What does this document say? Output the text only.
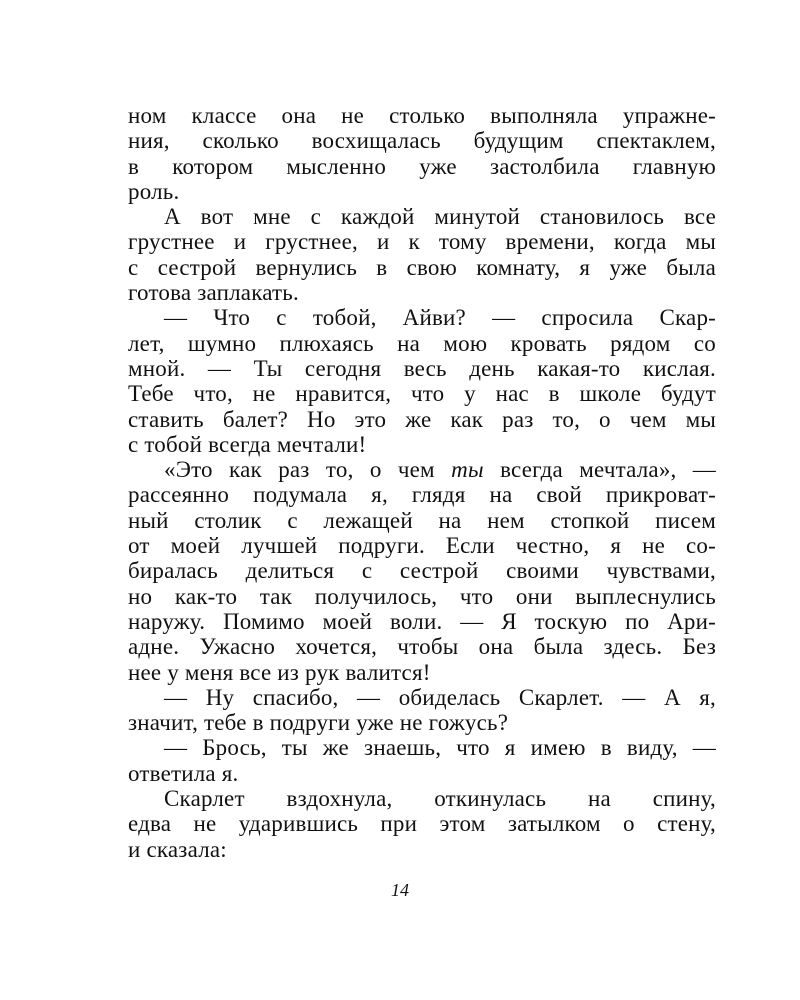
ном классе она не столько выполняла упражне-
ния, сколько восхищалась будущим спектаклем,
в котором мысленно уже застолбила главную
роль.
А вот мне с каждой минутой становилось все
грустнее и грустнее, и к тому времени, когда мы
с сестрой вернулись в свою комнату, я уже была
готова заплакать.
— Что с тобой, Айви? — спросила Скар-
лет, шумно плюхаясь на мою кровать рядом со
мной. — Ты сегодня весь день какая-то кислая.
Тебе что, не нравится, что у нас в школе будут
ставить балет? Но это же как раз то, о чем мы
с тобой всегда мечтали!
«Это как раз то, о чем ты всегда мечтала», —
рассеянно подумала я, глядя на свой прикроват-
ный столик с лежащей на нем стопкой писем
от моей лучшей подруги. Если честно, я не со-
биралась делиться с сестрой своими чувствами,
но как-то так получилось, что они выплеснулись
наружу. Помимо моей воли. — Я тоскую по Ари-
адне. Ужасно хочется, чтобы она была здесь. Без
нее у меня все из рук валится!
— Ну спасибо, — обиделась Скарлет. — А я,
значит, тебе в подруги уже не гожусь?
— Брось, ты же знаешь, что я имею в виду, —
ответила я.
Скарлет вздохнула, откинулась на спину,
едва не ударившись при этом затылком о стену,
и сказала:
14
